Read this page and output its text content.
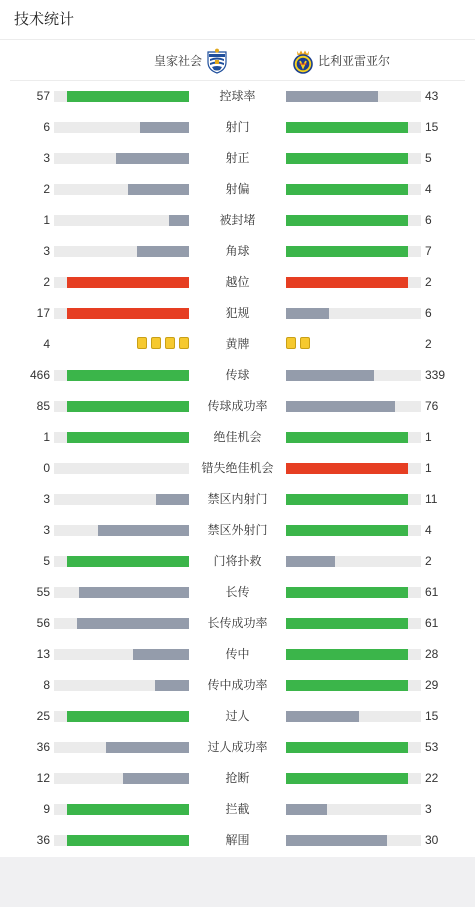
技术统计
皇家社会	比利亚雷亚尔
57	控球率	43
6	射门	15
3	射正	5
2	射偏	4
1	被封堵	6
3	角球	7
2	越位	2
17	犯规	6
4	黄牌	2
466	传球	339
85	传球成功率	76
1	绝佳机会	1
0	错失绝佳机会	1
3	禁区内射门	11
3	禁区外射门	4
5	门将扑救	2
55	长传	61
56	长传成功率	61
13	传中	28
8	传中成功率	29
25	过人	15
36	过人成功率	53
12	抢断	22
9	拦截	3
36	解围	30
